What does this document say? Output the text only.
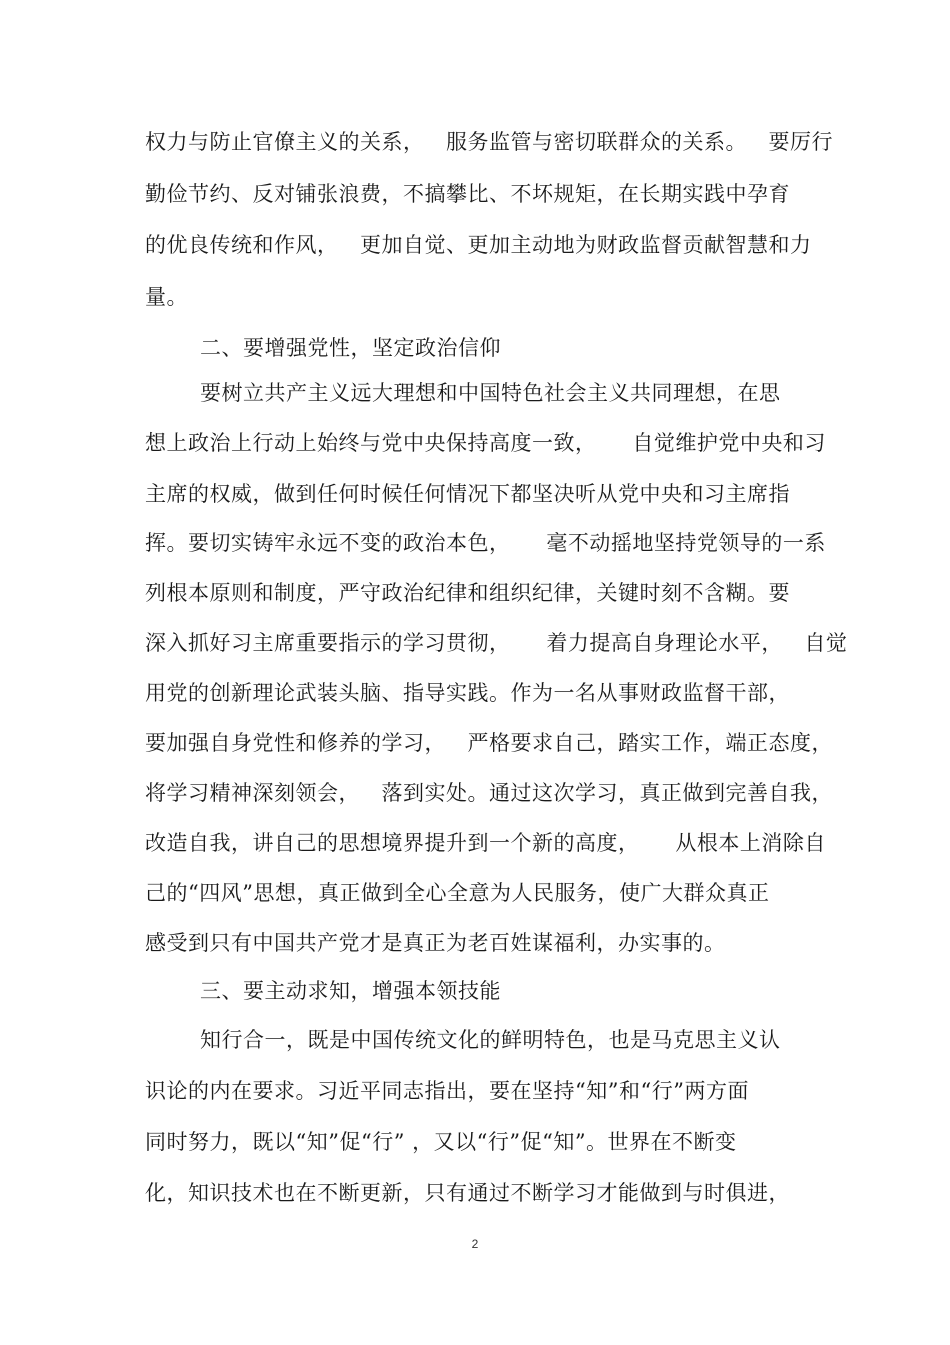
权力与防止官僚主义的关系，   服务监管与密切联群众的关系。   要厉行
勤俭节约、反对铺张浪费，不搞攀比、不坏规矩，在长期实践中孕育
的优良传统和作风，   更加自觉、更加主动地为财政监督贡献智慧和力
量。
二、要增强党性，坚定政治信仰
要树立共产主义远大理想和中国特色社会主义共同理想，在思
想上政治上行动上始终与党中央保持高度一致，     自觉维护党中央和习
主席的权威，做到任何时候任何情况下都坚决听从党中央和习主席指
挥。要切实铸牢永远不变的政治本色，     毫不动摇地坚持党领导的一系
列根本原则和制度，严守政治纪律和组织纪律，关键时刻不含糊。要
深入抓好习主席重要指示的学习贯彻，     着力提高自身理论水平，   自觉
用党的创新理论武装头脑、指导实践。作为一名从事财政监督干部，
要加强自身党性和修养的学习，   严格要求自己，踏实工作，端正态度，
将学习精神深刻领会，   落到实处。通过这次学习，真正做到完善自我，
改造自我，讲自己的思想境界提升到一个新的高度，     从根本上消除自
己的“四风”思想，真正做到全心全意为人民服务，使广大群众真正
感受到只有中国共产党才是真正为老百姓谋福利，办实事的。
三、要主动求知，增强本领技能
知行合一，既是中国传统文化的鲜明特色，也是马克思主义认
识论的内在要求。习近平同志指出，要在坚持“知”和“行”两方面
同时努力，既以“知”促“行” ，又以“行”促“知”。世界在不断变
化，知识技术也在不断更新，只有通过不断学习才能做到与时俱进，
2
